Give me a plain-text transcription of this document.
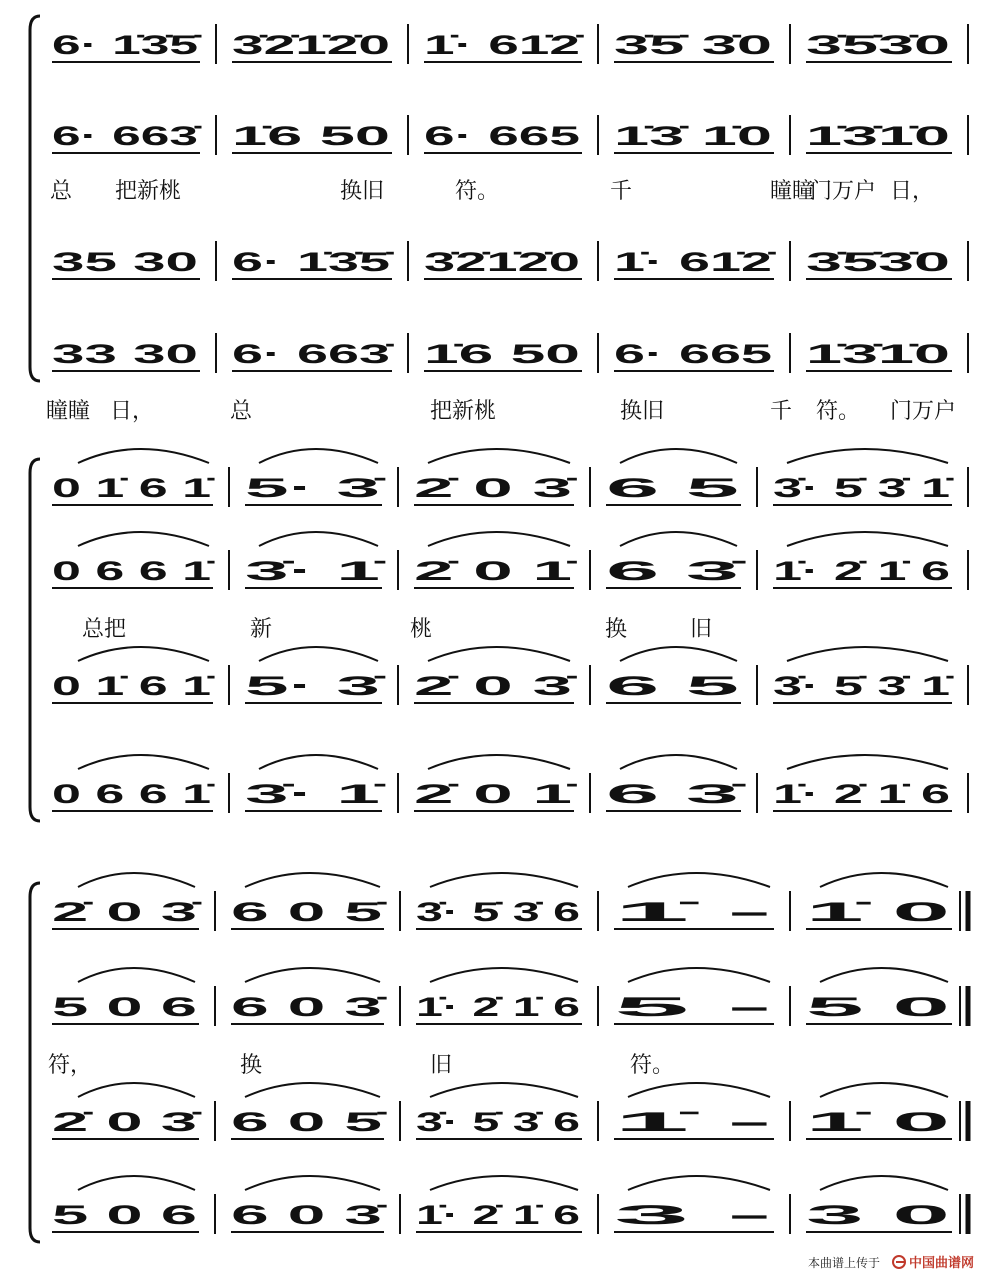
6· 1̇3̇5̇ 3̇2̇1̇2̇0 1̇· 61̇2̇ 3̇5̇ 3̇0 3̇5̇3̇0
6· 663̇ 1̇6 50 6· 665 1̇3̇ 1̇0 1̇3̇1̇0
总 把新桃	换旧	符。	千	门万户
瞳瞳	日，
35 30 6· 1̇3̇5̇ 3̇2̇1̇2̇0 1̇· 61̇2̇ 3̇5̇3̇0
33 30 6· 663̇ 1̇6 50 6· 665 1̇3̇1̇0
瞳瞳 日，	总	把新桃	换旧	符。
千	门万户
0 1̇ 6 1̇ 5· 3̇ 2̇ 0 3̇ 6 5 3̇· 5̇ 3̇ 1̇
0 6 6 1̇ 3̇· 1̇ 2̇ 0 1̇ 6 3̇ 1̇· 2̇ 1̇ 6
总把	新	桃	换	旧
0 1̇ 6 1̇ 5· 3̇ 2̇ 0 3̇ 6 5 3̇· 5̇ 3̇ 1̇
0 6 6 1̇ 3̇· 1̇ 2̇ 0 1̇ 6 3̇ 1̇· 2̇ 1̇ 6
2̇ 0 3̇ 6 0 5̇ 3̇· 5̇ 3̇ 6 1̇ - 1̇ 0
5 0 6 6 0 3̇ 1̇· 2̇ 1̇ 6 5 - 5 0
符，	换	旧	符。
2̇ 0 3̇ 6 0 5̇ 3̇· 5̇ 3̇ 6 1̇ - 1̇ 0
5 0 6 6 0 3̇ 1̇· 2̇ 1̇ 6 3 - 3 0
本曲谱上传于 中国曲谱网
